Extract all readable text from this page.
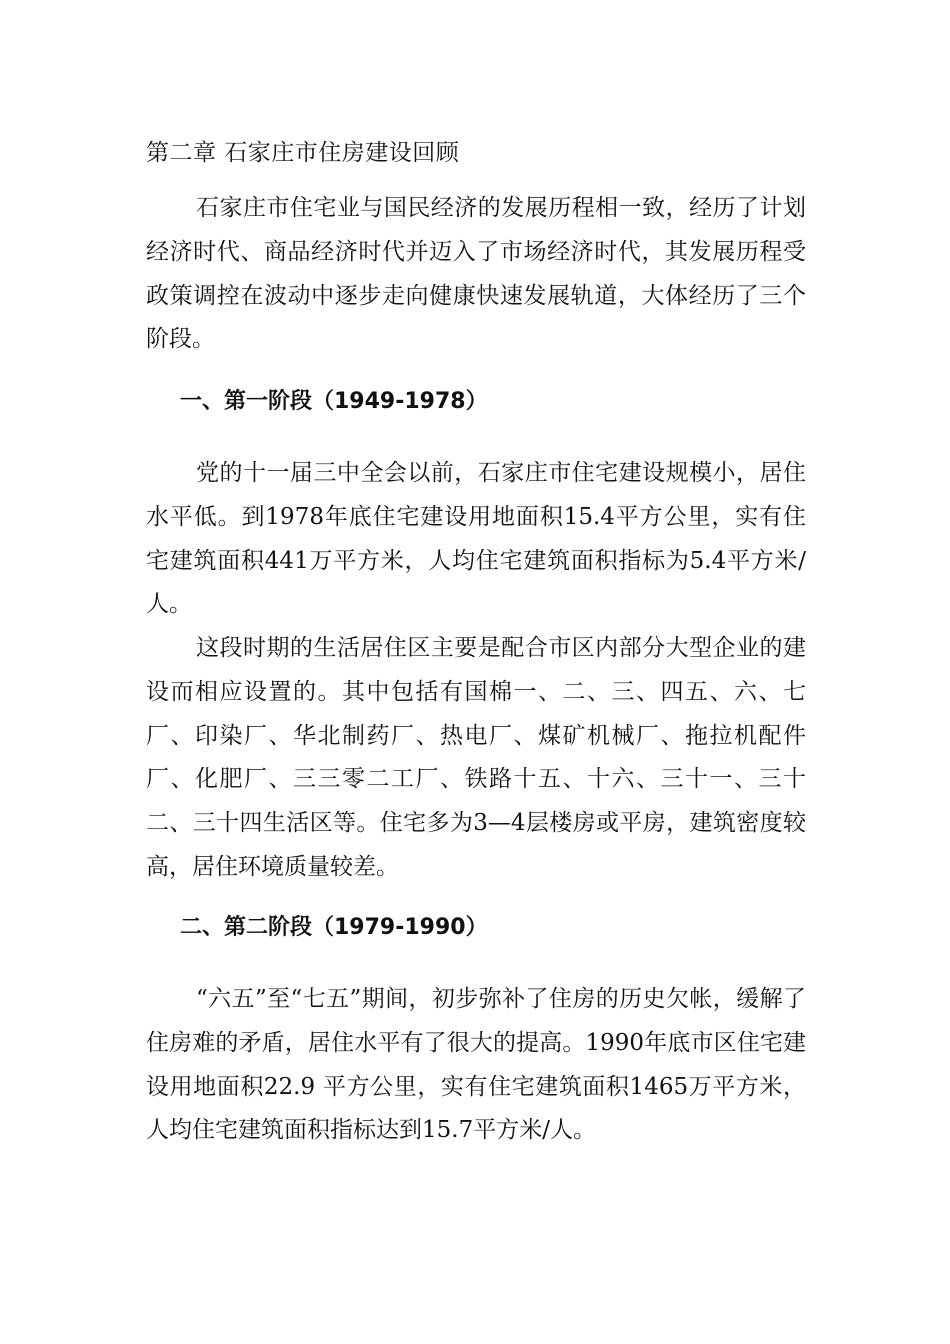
第二章 石家庄市住房建设回顾

石家庄市住宅业与国民经济的发展历程相一致，经历了计划经济时代、商品经济时代并迈入了市场经济时代，其发展历程受政策调控在波动中逐步走向健康快速发展轨道，大体经历了三个阶段。

一、第一阶段（1949-1978）

党的十一届三中全会以前，石家庄市住宅建设规模小，居住水平低。到1978年底住宅建设用地面积15.4平方公里，实有住宅建筑面积441万平方米，人均住宅建筑面积指标为5.4平方米/人。

这段时期的生活居住区主要是配合市区内部分大型企业的建设而相应设置的。其中包括有国棉一、二、三、四五、六、七厂、印染厂、华北制药厂、热电厂、煤矿机械厂、拖拉机配件厂、化肥厂、三三零二工厂、铁路十五、十六、三十一、三十二、三十四生活区等。住宅多为3—4层楼房或平房，建筑密度较高，居住环境质量较差。

二、第二阶段（1979-1990）

“六五”至“七五”期间，初步弥补了住房的历史欠帐，缓解了住房难的矛盾，居住水平有了很大的提高。1990年底市区住宅建设用地面积22.9 平方公里，实有住宅建筑面积1465万平方米，人均住宅建筑面积指标达到15.7平方米/人。
